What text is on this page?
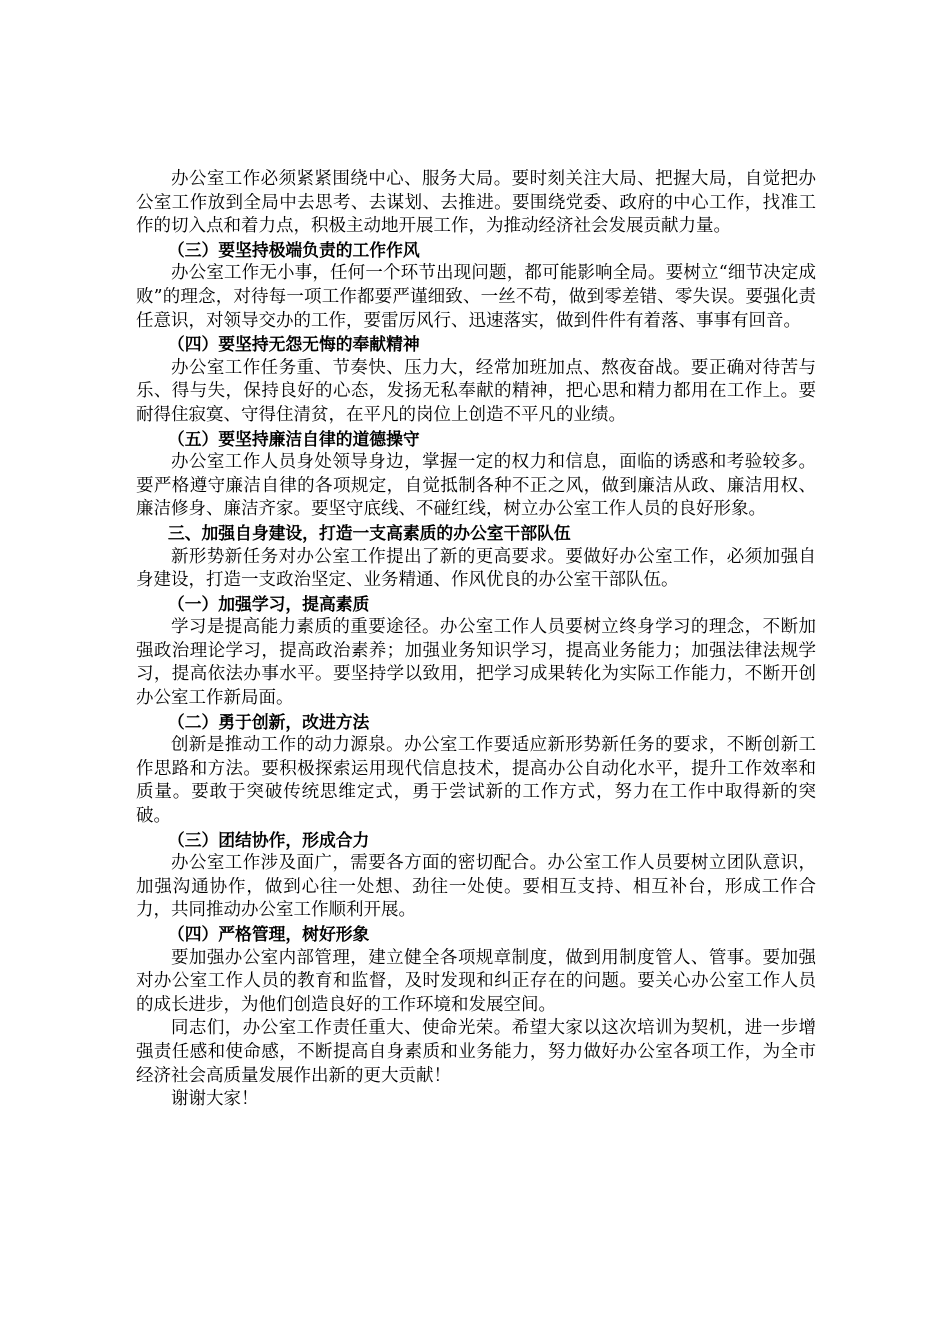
办公室工作必须紧紧围绕中心、服务大局。要时刻关注大局、把握大局，自觉把办公室工作放到全局中去思考、去谋划、去推进。要围绕党委、政府的中心工作，找准工作的切入点和着力点，积极主动地开展工作，为推动经济社会发展贡献力量。

（三）要坚持极端负责的工作作风

办公室工作无小事，任何一个环节出现问题，都可能影响全局。要树立“细节决定成败”的理念，对待每一项工作都要严谨细致、一丝不苟，做到零差错、零失误。要强化责任意识，对领导交办的工作，要雷厉风行、迅速落实，做到件件有着落、事事有回音。

（四）要坚持无怨无悔的奉献精神

办公室工作任务重、节奏快、压力大，经常加班加点、熬夜奋战。要正确对待苦与乐、得与失，保持良好的心态，发扬无私奉献的精神，把心思和精力都用在工作上。要耐得住寂寞、守得住清贫，在平凡的岗位上创造不平凡的业绩。

（五）要坚持廉洁自律的道德操守

办公室工作人员身处领导身边，掌握一定的权力和信息，面临的诱惑和考验较多。要严格遵守廉洁自律的各项规定，自觉抵制各种不正之风，做到廉洁从政、廉洁用权、廉洁修身、廉洁齐家。要坚守底线、不碰红线，树立办公室工作人员的良好形象。

三、加强自身建设，打造一支高素质的办公室干部队伍

新形势新任务对办公室工作提出了新的更高要求。要做好办公室工作，必须加强自身建设，打造一支政治坚定、业务精通、作风优良的办公室干部队伍。

（一）加强学习，提高素质

学习是提高能力素质的重要途径。办公室工作人员要树立终身学习的理念，不断加强政治理论学习，提高政治素养；加强业务知识学习，提高业务能力；加强法律法规学习，提高依法办事水平。要坚持学以致用，把学习成果转化为实际工作能力，不断开创办公室工作新局面。

（二）勇于创新，改进方法

创新是推动工作的动力源泉。办公室工作要适应新形势新任务的要求，不断创新工作思路和方法。要积极探索运用现代信息技术，提高办公自动化水平，提升工作效率和质量。要敢于突破传统思维定式，勇于尝试新的工作方式，努力在工作中取得新的突破。

（三）团结协作，形成合力

办公室工作涉及面广，需要各方面的密切配合。办公室工作人员要树立团队意识，加强沟通协作，做到心往一处想、劲往一处使。要相互支持、相互补台，形成工作合力，共同推动办公室工作顺利开展。

（四）严格管理，树好形象

要加强办公室内部管理，建立健全各项规章制度，做到用制度管人、管事。要加强对办公室工作人员的教育和监督，及时发现和纠正存在的问题。要关心办公室工作人员的成长进步，为他们创造良好的工作环境和发展空间。

同志们，办公室工作责任重大、使命光荣。希望大家以这次培训为契机，进一步增强责任感和使命感，不断提高自身素质和业务能力，努力做好办公室各项工作，为全市经济社会高质量发展作出新的更大贡献！

谢谢大家！
